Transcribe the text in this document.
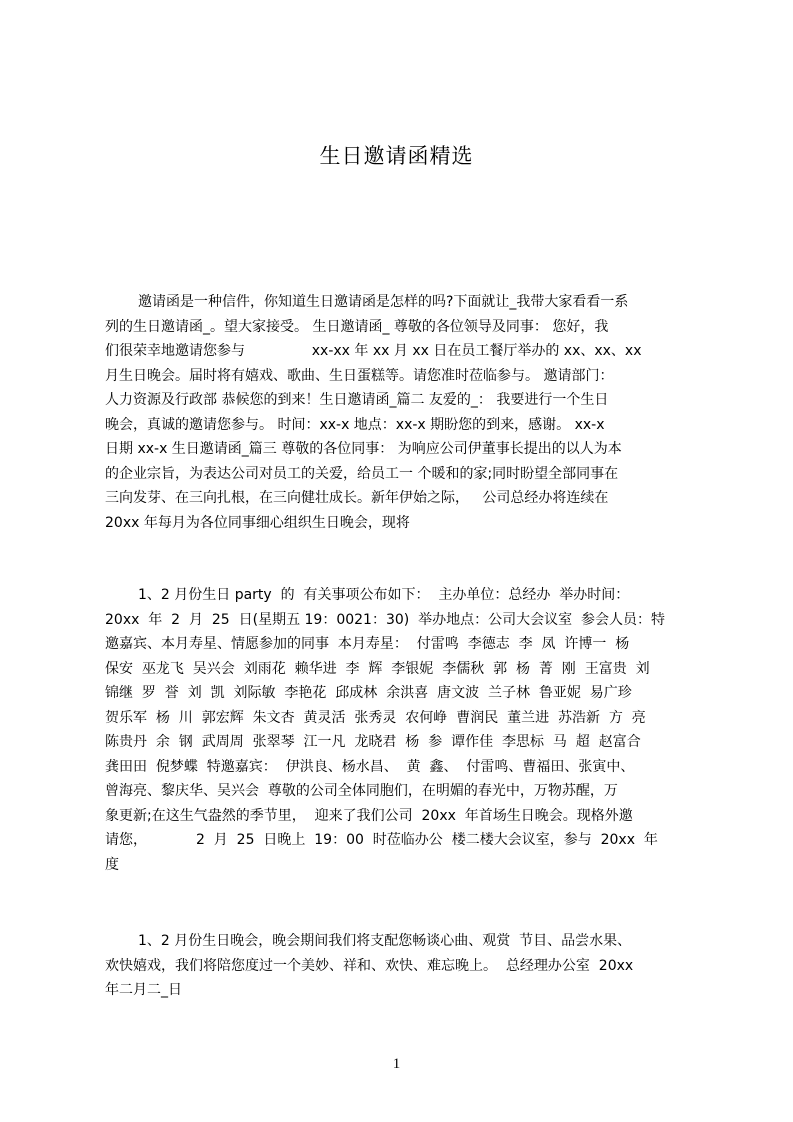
生日邀请函精选
邀请函是一种信件，你知道生日邀请函是怎样的吗?下面就让_我带大家看看一系
列的生日邀请函_。望大家接受。 生日邀请函_ 尊敬的各位领导及同事： 您好，我
们很荣幸地邀请您参与               xx-xx 年 xx 月 xx 日在员工餐厅举办的 xx、xx、xx
月生日晚会。届时将有嬉戏、歌曲、生日蛋糕等。请您准时莅临参与。 邀请部门：
人力资源及行政部 恭候您的到来！生日邀请函_篇二 友爱的_： 我要进行一个生日
晚会，真诚的邀请您参与。 时间：xx-x 地点：xx-x 期盼您的到来，感谢。 xx-x
日期 xx-x 生日邀请函_篇三 尊敬的各位同事： 为响应公司伊董事长提出的以人为本
的企业宗旨，为表达公司对员工的关爱，给员工一 个暖和的家;同时盼望全部同事在
三向发芽、在三向扎根，在三向健壮成长。新年伊始之际，   公司总经办将连续在
20xx 年每月为各位同事细心组织生日晚会，现将
1、2 月份生日 party  的  有关事项公布如下：  主办单位：总经办  举办时间：
20xx  年  2  月  25  日(星期五 19：0021：30)  举办地点：公司大会议室  参会人员：特
邀嘉宾、本月寿星、情愿参加的同事  本月寿星：  付雷鸣  李德志  李  凤  许博一  杨
保安  巫龙飞  吴兴会  刘雨花  赖华进  李  辉  李银妮  李儒秋  郭  杨  菁  刚  王富贵  刘
锦继  罗  誉  刘  凯  刘际敏  李艳花  邱成林  余洪喜  唐文波  兰子林  鲁亚妮  易广珍
贺乐军  杨  川  郭宏辉  朱文杏  黄灵活  张秀灵  农何峥  曹润民  董兰进  苏浩新  方  亮
陈贵丹  余  钢  武周周  张翠琴  江一凡  龙晓君  杨  参  谭作佳  李思标  马  超  赵富合
龚田田  倪梦蝶  特邀嘉宾：  伊洪良、杨水昌、  黄  鑫、  付雷鸣、曹福田、张寅中、
曾海亮、黎庆华、吴兴会  尊敬的公司全体同胞们，在明媚的春光中，万物苏醒，万
象更新;在这生气盎然的季节里，  迎来了我们公司  20xx  年首场生日晚会。现格外邀
请您，           2  月  25  日晚上  19：00  时莅临办公  楼二楼大会议室，参与  20xx  年
度
1、2 月份生日晚会，晚会期间我们将支配您畅谈心曲、观赏  节目、品尝水果、
欢快嬉戏，我们将陪您度过一个美妙、祥和、欢快、难忘晚上。  总经理办公室  20xx
年二月二_日
1
